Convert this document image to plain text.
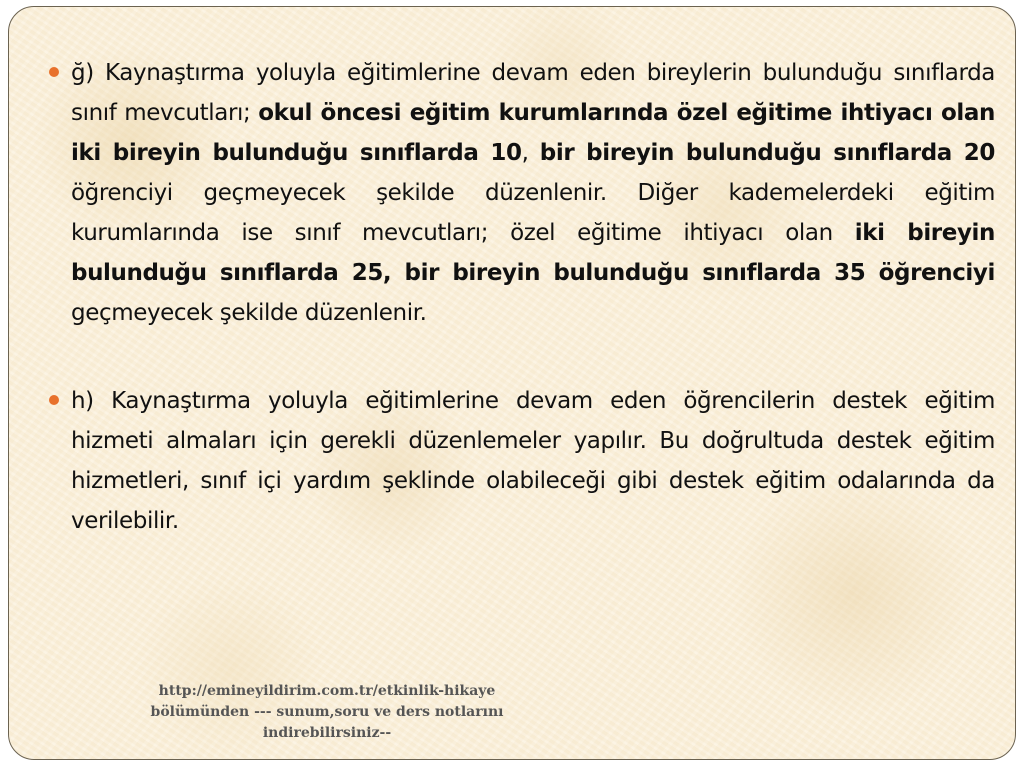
ğ) Kaynaştırma yoluyla eğitimlerine devam eden bireylerin bulunduğu sınıflarda sınıf mevcutları; okul öncesi eğitim kurumlarında özel eğitime ihtiyacı olan iki bireyin bulunduğu sınıflarda 10, bir bireyin bulunduğu sınıflarda 20 öğrenciyi geçmeyecek şekilde düzenlenir. Diğer kademelerdeki eğitim kurumlarında ise sınıf mevcutları; özel eğitime ihtiyacı olan iki bireyin bulunduğu sınıflarda 25, bir bireyin bulunduğu sınıflarda 35 öğrenciyi geçmeyecek şekilde düzenlenir.
h) Kaynaştırma yoluyla eğitimlerine devam eden öğrencilerin destek eğitim hizmeti almaları için gerekli düzenlemeler yapılır. Bu doğrultuda destek eğitim hizmetleri, sınıf içi yardım şeklinde olabileceği gibi destek eğitim odalarında da verilebilir.
http://emineyildirim.com.tr/etkinlik-hikaye
bölümünden --- sunum,soru ve ders notlarını
indirebilirsiniz--
